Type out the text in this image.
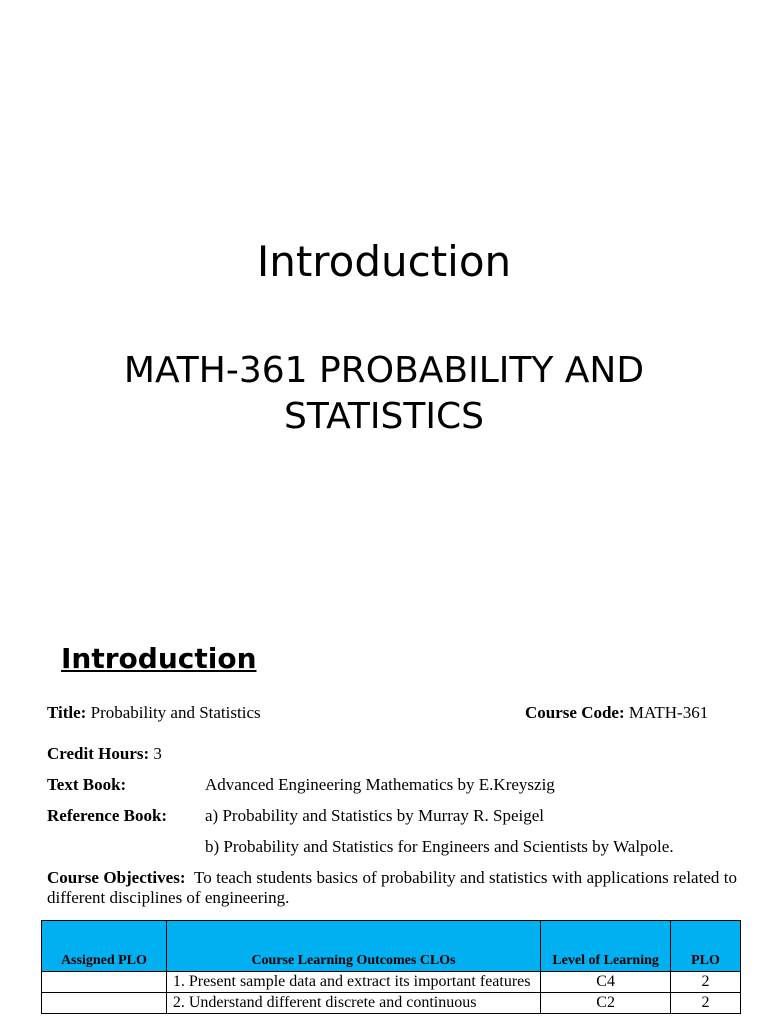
Introduction
MATH-361 PROBABILITY AND STATISTICS
Introduction
Title: Probability and Statistics	Course Code: MATH-361
Credit Hours: 3
Text Book:	Advanced Engineering Mathematics by E.Kreyszig
Reference Book: a) Probability and Statistics by Murray R. Speigel
b) Probability and Statistics for Engineers and Scientists by Walpole.
Course Objectives: To teach students basics of probability and statistics with applications related to different disciplines of engineering.
Assigned PLO	Course Learning Outcomes CLOs	Level of Learning	PLO
	1. Present sample data and extract its important features	C4	2
	2. Understand different discrete and continuous	C2	2
